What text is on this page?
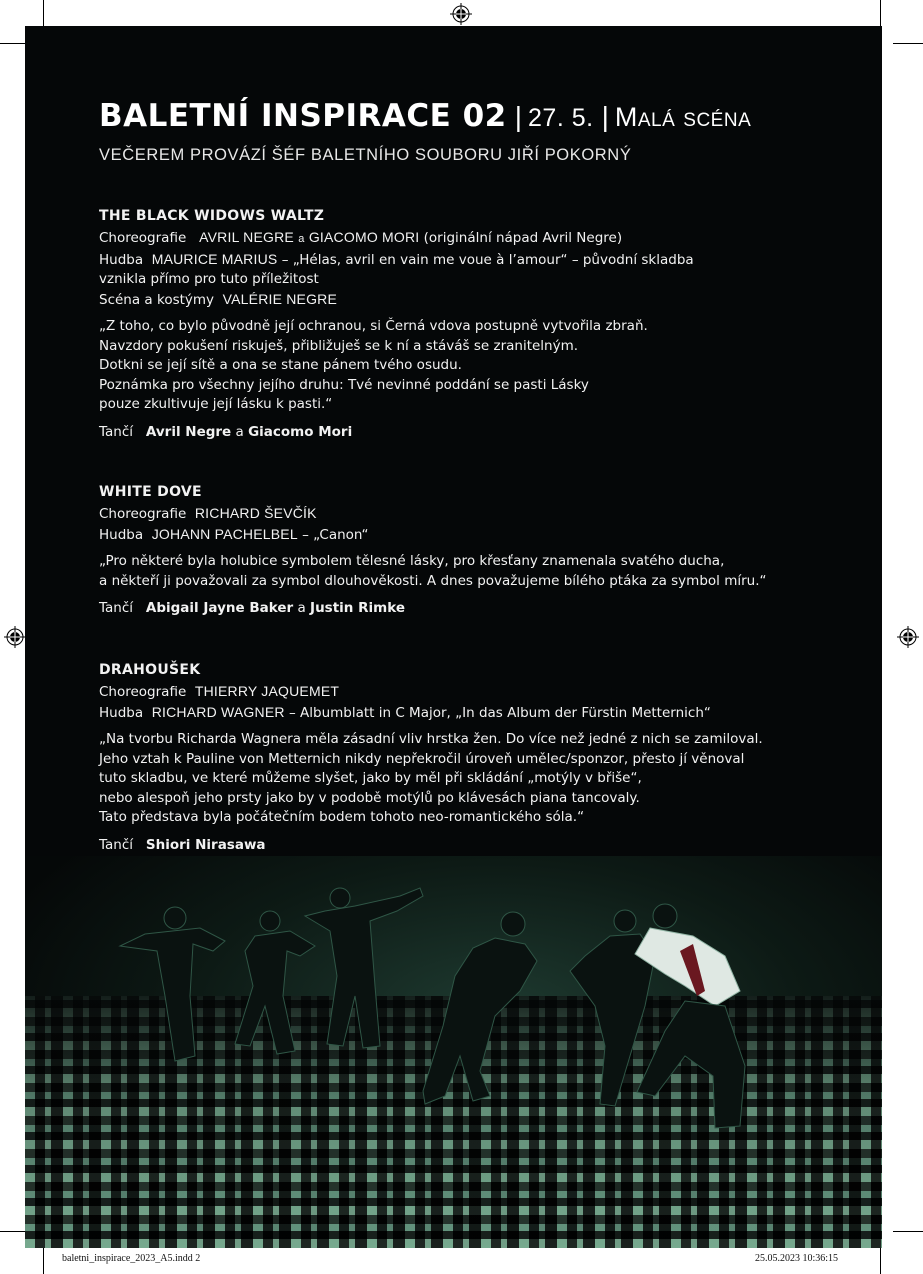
BALETNÍ INSPIRACE 02 | 27. 5. | Malá scéna
VEČEREM PROVÁZÍ ŠÉF BALETNÍHO SOUBORU JIŘÍ POKORNÝ
THE BLACK WIDOWS WALTZ
Choreografie AVRIL NEGRE a GIACOMO MORI (originální nápad Avril Negre)
Hudba MAURICE MARIUS – „Hélas, avril en vain me voue à l’amour“ – původní skladba
vznikla přímo pro tuto příležitost
Scéna a kostýmy VALÉRIE NEGRE
„Z toho, co bylo původně její ochranou, si Černá vdova postupně vytvořila zbraň.
Navzdory pokušení riskuješ, přibližuješ se k ní a stáváš se zranitelným.
Dotkni se její sítě a ona se stane pánem tvého osudu.
Poznámka pro všechny jejího druhu: Tvé nevinné poddání se pasti Lásky
pouze zkultivuje její lásku k pasti.“
Tančí Avril Negre a Giacomo Mori
WHITE DOVE
Choreografie RICHARD ŠEVČÍK
Hudba JOHANN PACHELBEL – „Canon“
„Pro některé byla holubice symbolem tělesné lásky, pro křesťany znamenala svatého ducha,
a někteří ji považovali za symbol dlouhověkosti. A dnes považujeme bílého ptáka za symbol míru.“
Tančí Abigail Jayne Baker a Justin Rimke
DRAHOUŠEK
Choreografie THIERRY JAQUEMET
Hudba RICHARD WAGNER – Albumblatt in C Major, „In das Album der Fürstin Metternich“
„Na tvorbu Richarda Wagnera měla zásadní vliv hrstka žen. Do více než jedné z nich se zamiloval.
Jeho vztah k Pauline von Metternich nikdy nepřekročil úroveň umělec/sponzor, přesto jí věnoval
tuto skladbu, ve které můžeme slyšet, jako by měl při skládání „motýly v břiše“,
nebo alespoň jeho prsty jako by v podobě motýlů po klávesách piana tancovaly.
Tato představa byla počátečním bodem tohoto neo-romantického sóla.“
Tančí Shiori Nirasawa
baletni_inspirace_2023_A5.indd 2	25.05.2023 10:36:15
